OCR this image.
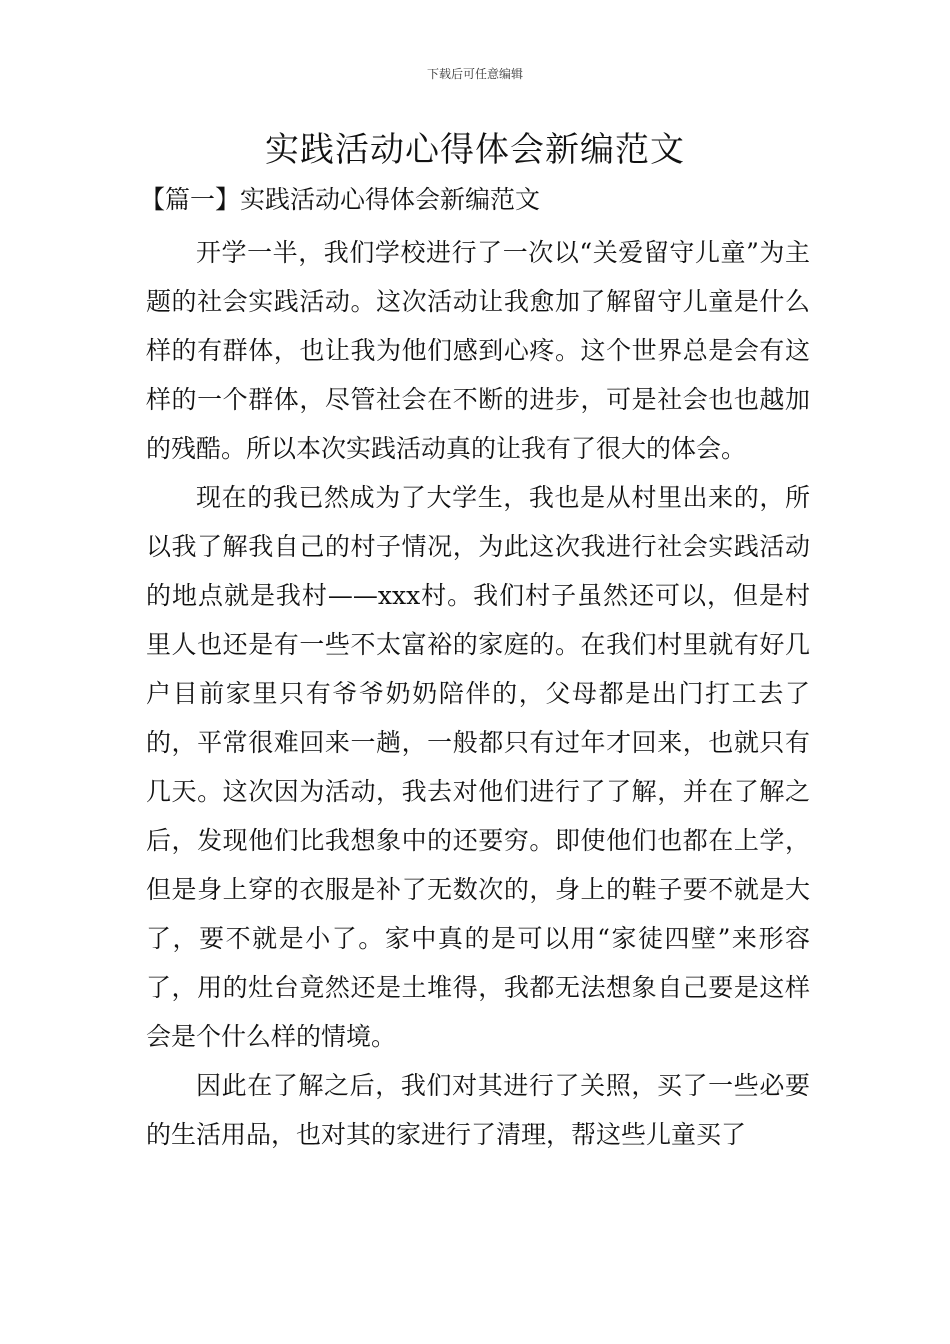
下载后可任意编辑
实践活动心得体会新编范文
【篇一】实践活动心得体会新编范文

开学一半，我们学校进行了一次以“关爱留守儿童”为主题的社会实践活动。这次活动让我愈加了解留守儿童是什么样的有群体，也让我为他们感到心疼。这个世界总是会有这样的一个群体，尽管社会在不断的进步，可是社会也也越加的残酷。所以本次实践活动真的让我有了很大的体会。

现在的我已然成为了大学生，我也是从村里出来的，所以我了解我自己的村子情况，为此这次我进行社会实践活动的地点就是我村——xxx村。我们村子虽然还可以，但是村里人也还是有一些不太富裕的家庭的。在我们村里就有好几户目前家里只有爷爷奶奶陪伴的，父母都是出门打工去了的，平常很难回来一趟，一般都只有过年才回来，也就只有几天。这次因为活动，我去对他们进行了了解，并在了解之后，发现他们比我想象中的还要穷。即使他们也都在上学，但是身上穿的衣服是补了无数次的，身上的鞋子要不就是大了，要不就是小了。家中真的是可以用“家徒四壁”来形容了，用的灶台竟然还是土堆得，我都无法想象自己要是这样会是个什么样的情境。

因此在了解之后，我们对其进行了关照，买了一些必要的生活用品，也对其的家进行了清理，帮这些儿童买了
